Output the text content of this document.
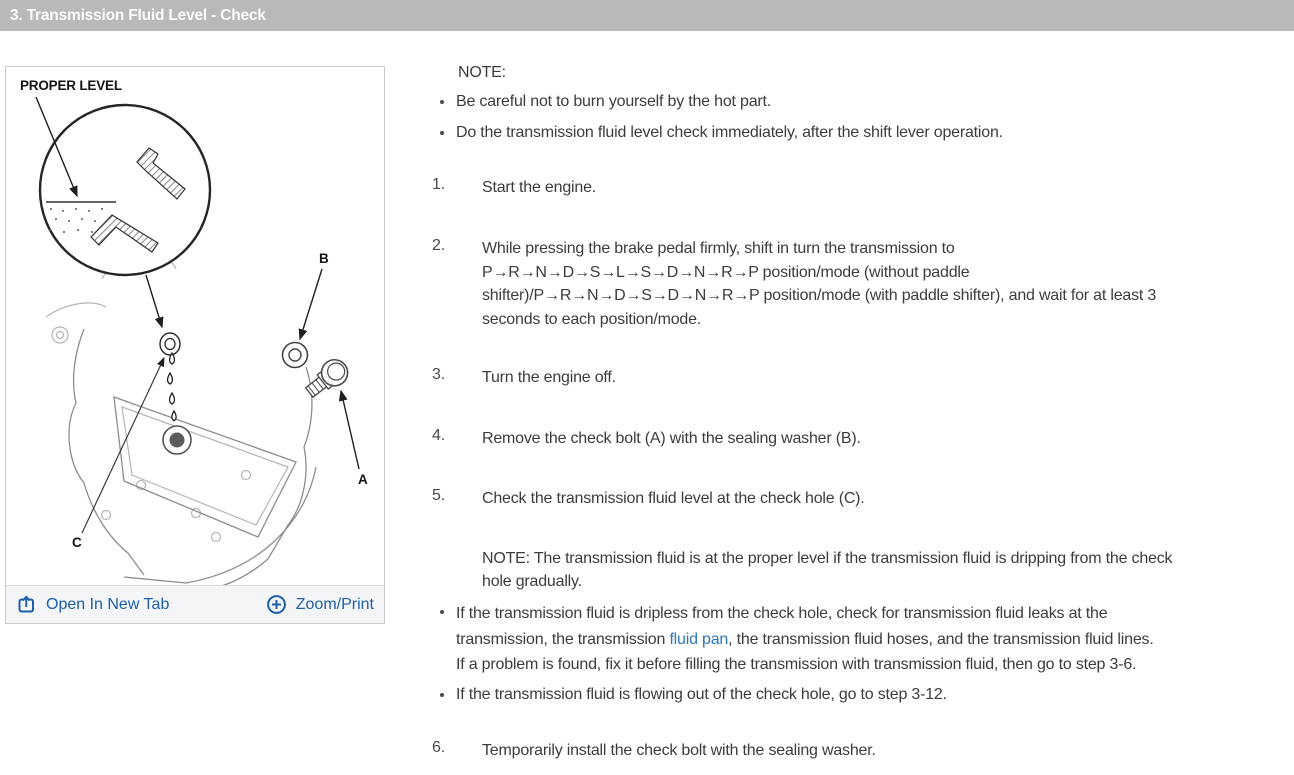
3. Transmission Fluid Level - Check
PROPER LEVEL
B
A
C
Open In New Tab	Zoom/Print
NOTE:
Be careful not to burn yourself by the hot part.
Do the transmission fluid level check immediately, after the shift lever operation.
1. Start the engine.
2. While pressing the brake pedal firmly, shift in turn the transmission to
P→R→N→D→S→L→S→D→N→R→P position/mode (without paddle
shifter)/P→R→N→D→S→D→N→R→P position/mode (with paddle shifter), and wait for at least 3
seconds to each position/mode.
3. Turn the engine off.
4. Remove the check bolt (A) with the sealing washer (B).
5. Check the transmission fluid level at the check hole (C).
NOTE: The transmission fluid is at the proper level if the transmission fluid is dripping from the check
hole gradually.
If the transmission fluid is dripless from the check hole, check for transmission fluid leaks at the
transmission, the transmission fluid pan, the transmission fluid hoses, and the transmission fluid lines.
If a problem is found, fix it before filling the transmission with transmission fluid, then go to step 3-6.
If the transmission fluid is flowing out of the check hole, go to step 3-12.
6. Temporarily install the check bolt with the sealing washer.
